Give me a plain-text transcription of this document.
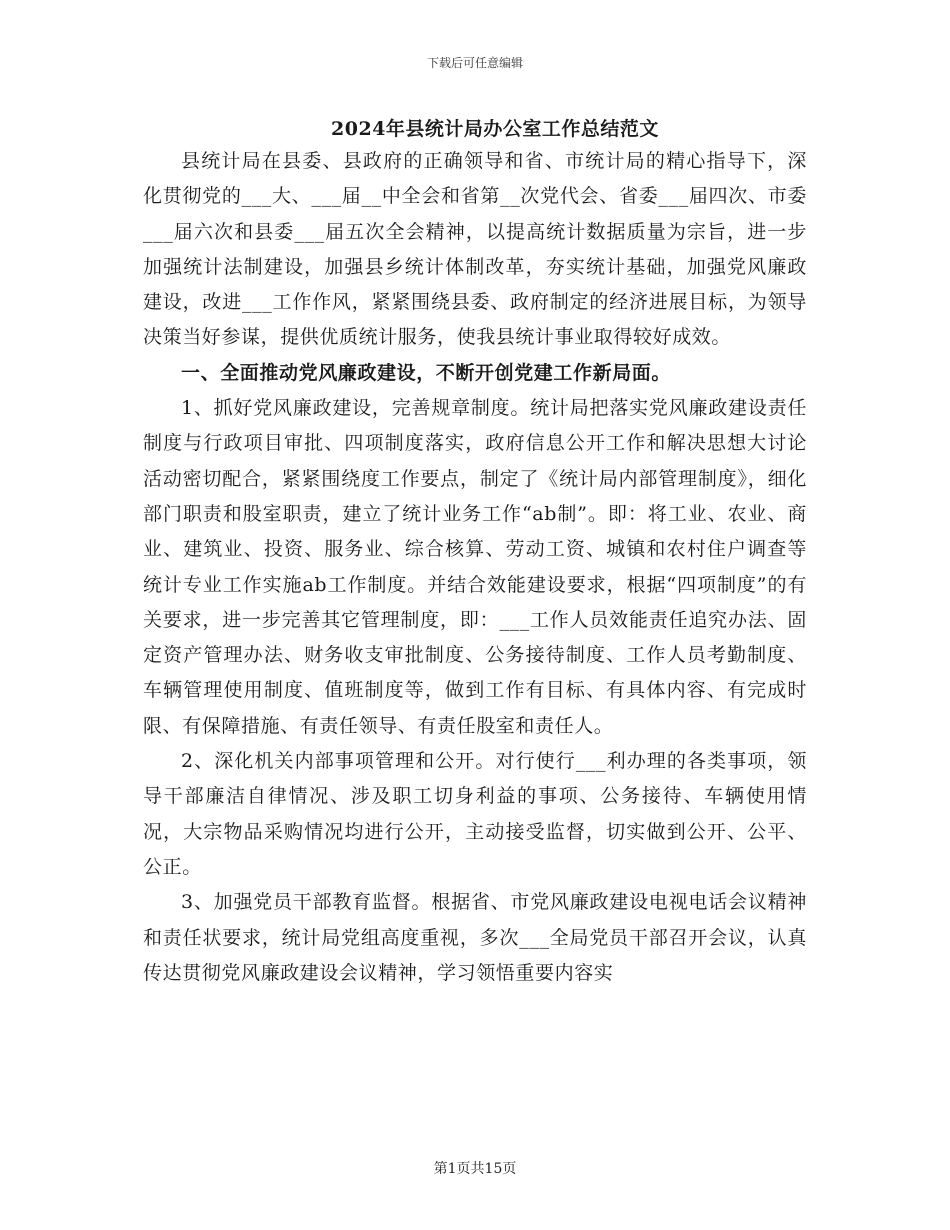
下载后可任意编辑
2024年县统计局办公室工作总结范文

县统计局在县委、县政府的正确领导和省、市统计局的精心指导下，深化贯彻党的___大、___届__中全会和省第__次党代会、省委___届四次、市委___届六次和县委___届五次全会精神，以提高统计数据质量为宗旨，进一步加强统计法制建设，加强县乡统计体制改革，夯实统计基础，加强党风廉政建设，改进___工作作风，紧紧围绕县委、政府制定的经济进展目标，为领导决策当好参谋，提供优质统计服务，使我县统计事业取得较好成效。

一、全面推动党风廉政建设，不断开创党建工作新局面。

1、抓好党风廉政建设，完善规章制度。统计局把落实党风廉政建设责任制度与行政项目审批、四项制度落实，政府信息公开工作和解决思想大讨论活动密切配合，紧紧围绕度工作要点，制定了《统计局内部管理制度》，细化部门职责和股室职责，建立了统计业务工作“ab制”。即：将工业、农业、商业、建筑业、投资、服务业、综合核算、劳动工资、城镇和农村住户调查等统计专业工作实施ab工作制度。并结合效能建设要求，根据“四项制度”的有关要求，进一步完善其它管理制度，即：___工作人员效能责任追究办法、固定资产管理办法、财务收支审批制度、公务接待制度、工作人员考勤制度、车辆管理使用制度、值班制度等，做到工作有目标、有具体内容、有完成时限、有保障措施、有责任领导、有责任股室和责任人。

2、深化机关内部事项管理和公开。对行使行___利办理的各类事项，领导干部廉洁自律情况、涉及职工切身利益的事项、公务接待、车辆使用情况，大宗物品采购情况均进行公开，主动接受监督，切实做到公开、公平、公正。

3、加强党员干部教育监督。根据省、市党风廉政建设电视电话会议精神和责任状要求，统计局党组高度重视，多次___全局党员干部召开会议，认真传达贯彻党风廉政建设会议精神，学习领悟重要内容实

第1页共15页
